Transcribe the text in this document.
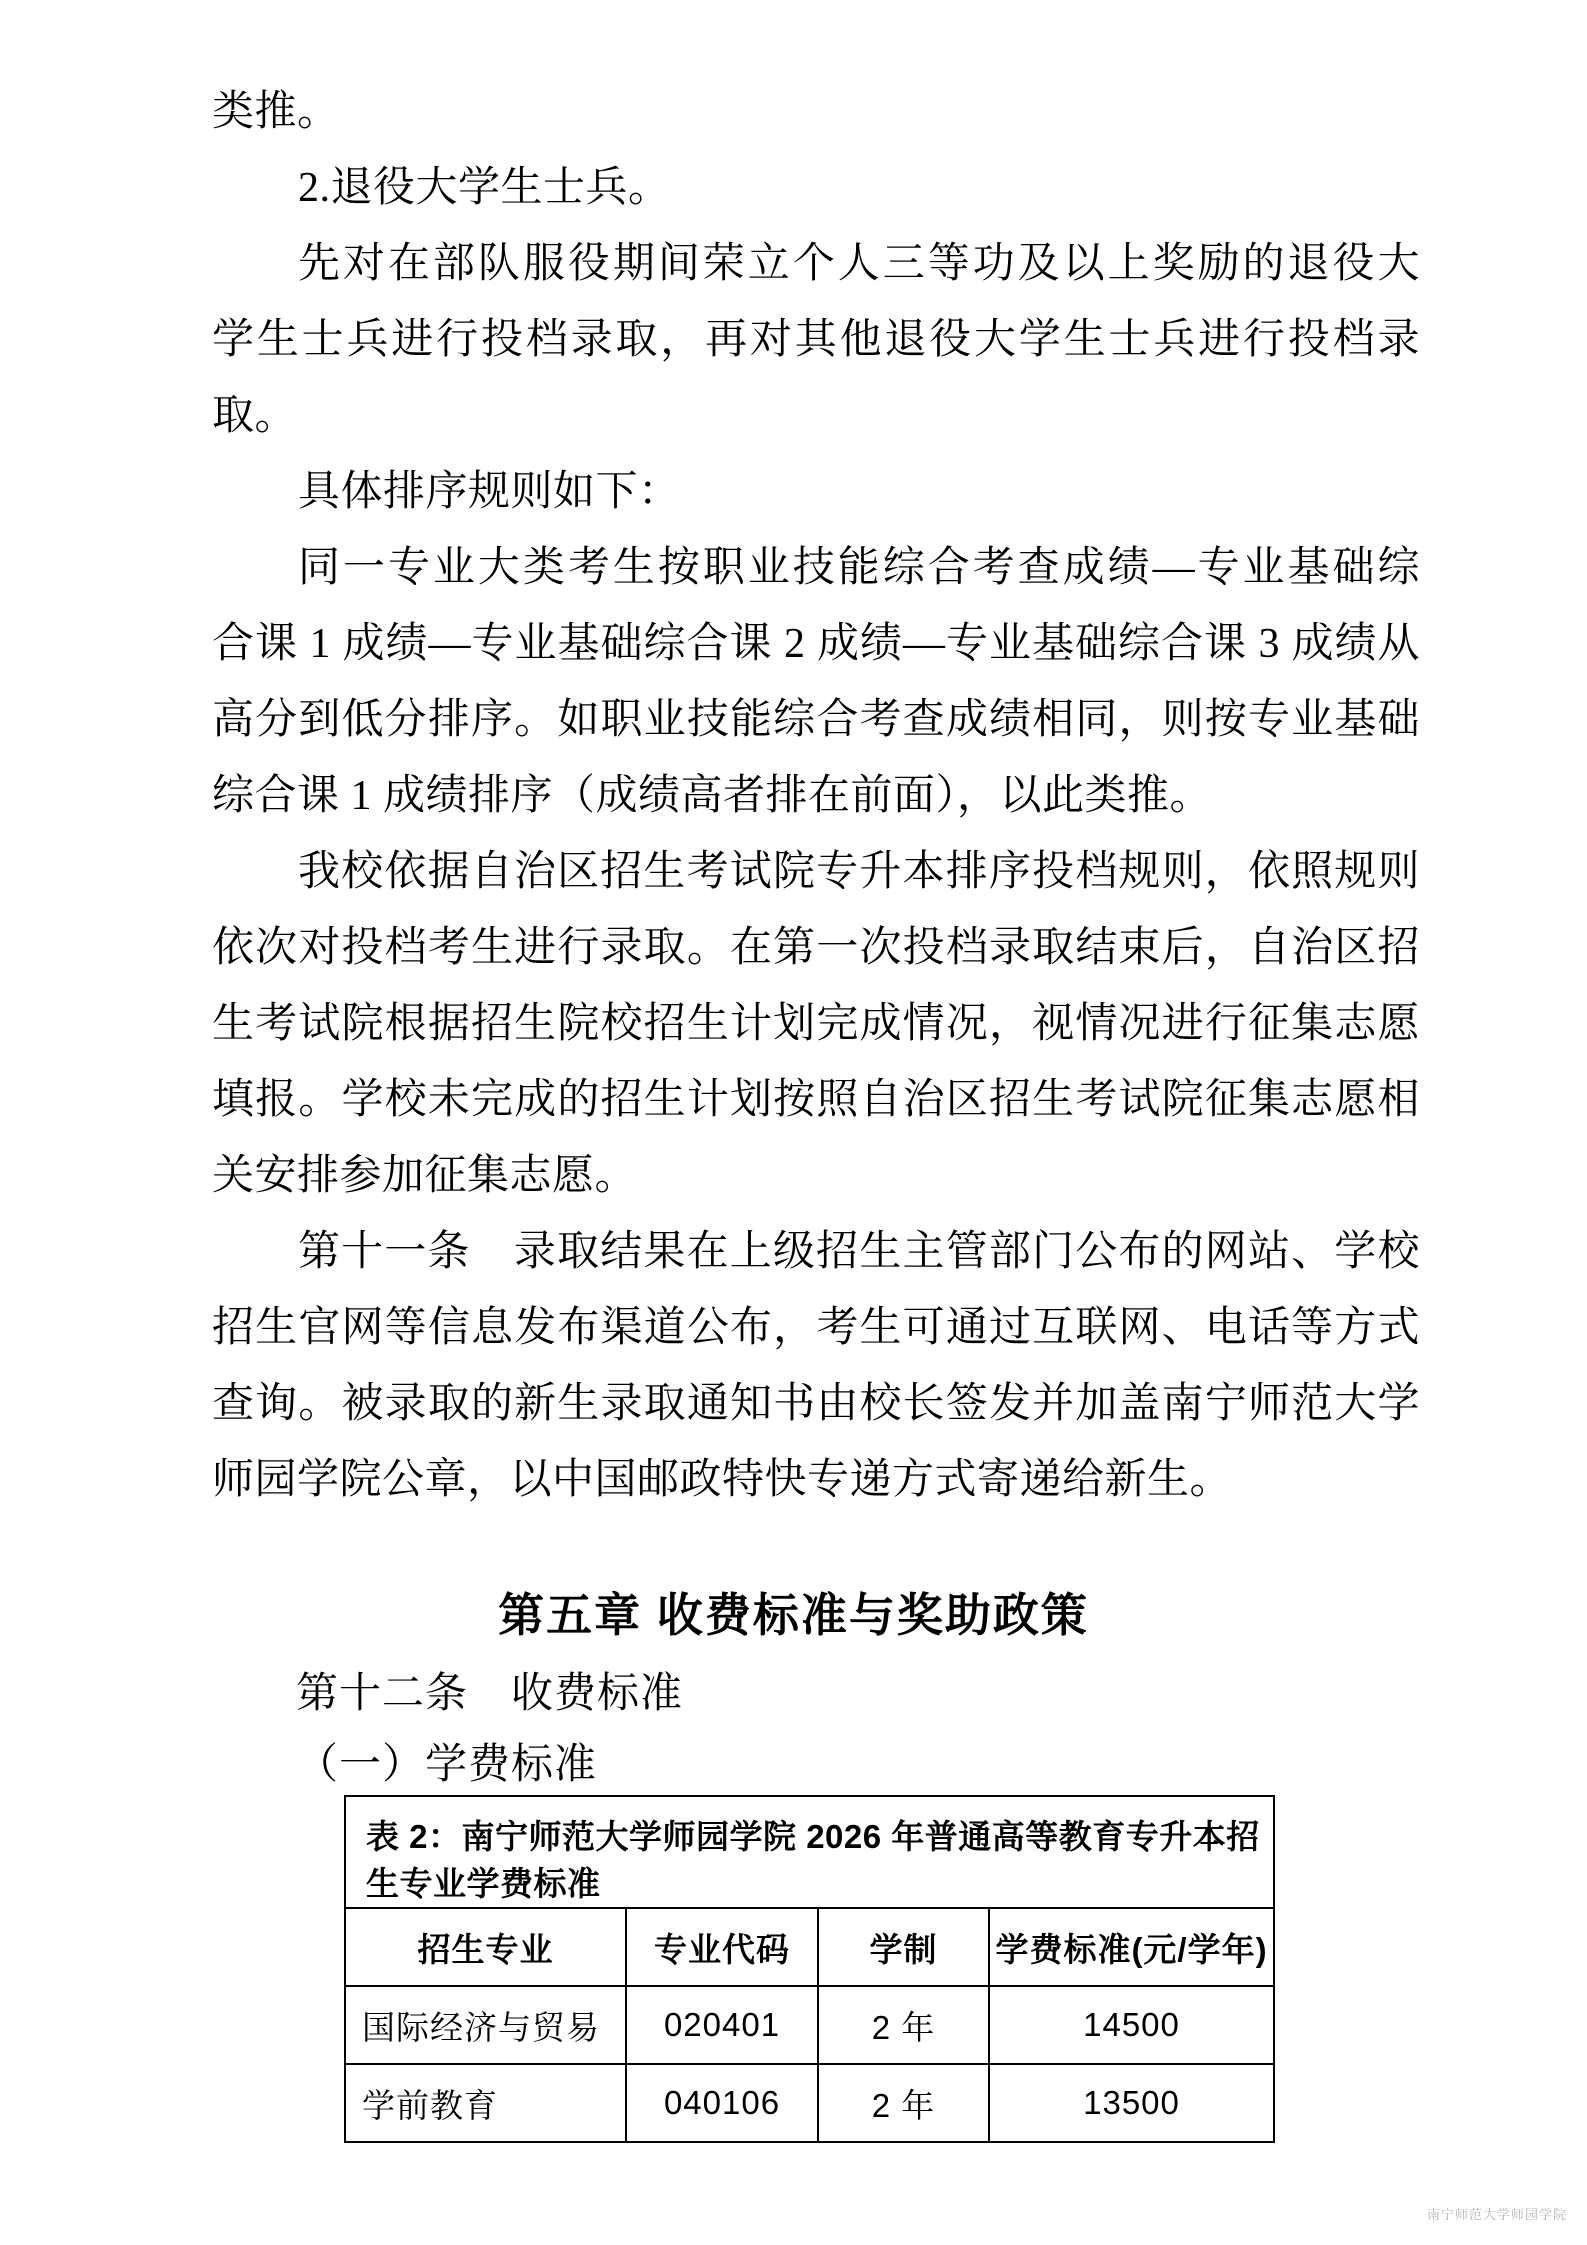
类推。
2.退役大学生士兵。
先对在部队服役期间荣立个人三等功及以上奖励的退役大
学生士兵进行投档录取，再对其他退役大学生士兵进行投档录
取。
具体排序规则如下：
同一专业大类考生按职业技能综合考查成绩—专业基础综
合课 1 成绩—专业基础综合课 2 成绩—专业基础综合课 3 成绩从
高分到低分排序。如职业技能综合考查成绩相同，则按专业基础
综合课 1 成绩排序（成绩高者排在前面），以此类推。
我校依据自治区招生考试院专升本排序投档规则，依照规则
依次对投档考生进行录取。在第一次投档录取结束后，自治区招
生考试院根据招生院校招生计划完成情况，视情况进行征集志愿
填报。学校未完成的招生计划按照自治区招生考试院征集志愿相
关安排参加征集志愿。
第十一条　录取结果在上级招生主管部门公布的网站、学校
招生官网等信息发布渠道公布，考生可通过互联网、电话等方式
查询。被录取的新生录取通知书由校长签发并加盖南宁师范大学
师园学院公章，以中国邮政特快专递方式寄递给新生。
第五章 收费标准与奖助政策
第十二条　收费标准
（一）学费标准
表 2：南宁师范大学师园学院 2026 年普通高等教育专升本招生专业学费标准			
招生专业	专业代码	学制	学费标准(元/学年)
国际经济与贸易	020401	2 年	14500
学前教育	040106	2 年	13500
南宁师范大学师园学院
